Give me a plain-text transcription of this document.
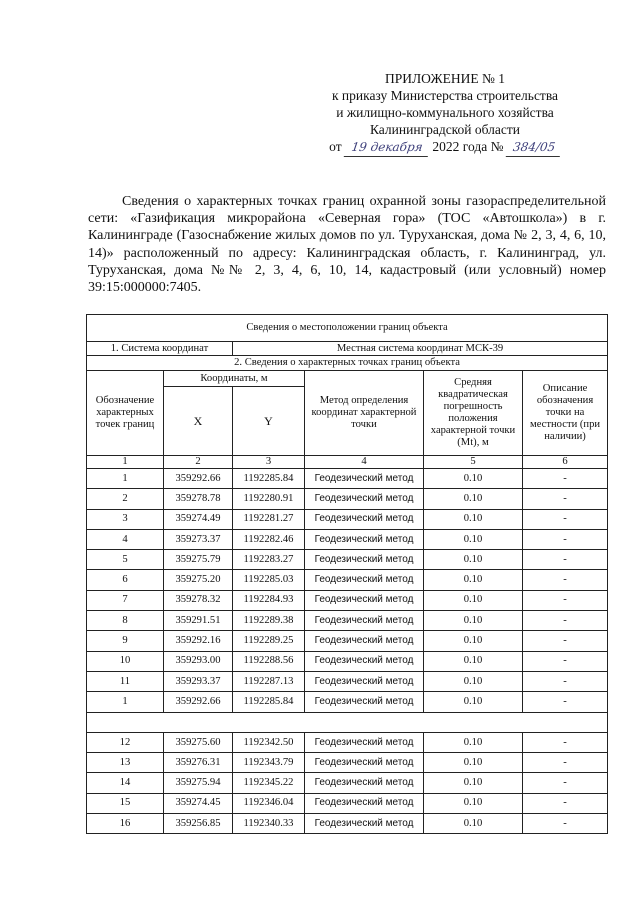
ПРИЛОЖЕНИЕ № 1
к приказу Министерства строительства
и жилищно-коммунального хозяйства
Калининградской области
от 19 декабря 2022 года № 384/05
Сведения о характерных точках границ охранной зоны газораспределительной сети: «Газификация микрорайона «Северная гора» (ТОС «Автошкола») в г. Калининграде (Газоснабжение жилых домов по ул. Туруханская, дома № 2, 3, 4, 6, 10, 14)» расположенный по адресу: Калининградская область, г. Калининград, ул. Туруханская, дома №№ 2, 3, 4, 6, 10, 14, кадастровый (или условный) номер 39:15:000000:7405.
Сведения о местоположении границ объекта					
1. Система координат		Местная система координат МСК-39			
2. Сведения о характерных точках границ объекта					
Обозначение характерных точек границ	Координаты, м		Метод определения координат характерной точки	Средняя квадратическая погрешность положения характерной точки (Mt), м	Описание обозначения точки на местности (при наличии)
	X	Y			
1	2	3	4	5	6
1	359292.66	1192285.84	Геодезический метод	0.10	-
2	359278.78	1192280.91	Геодезический метод	0.10	-
3	359274.49	1192281.27	Геодезический метод	0.10	-
4	359273.37	1192282.46	Геодезический метод	0.10	-
5	359275.79	1192283.27	Геодезический метод	0.10	-
6	359275.20	1192285.03	Геодезический метод	0.10	-
7	359278.32	1192284.93	Геодезический метод	0.10	-
8	359291.51	1192289.38	Геодезический метод	0.10	-
9	359292.16	1192289.25	Геодезический метод	0.10	-
10	359293.00	1192288.56	Геодезический метод	0.10	-
11	359293.37	1192287.13	Геодезический метод	0.10	-
1	359292.66	1192285.84	Геодезический метод	0.10	-

12	359275.60	1192342.50	Геодезический метод	0.10	-
13	359276.31	1192343.79	Геодезический метод	0.10	-
14	359275.94	1192345.22	Геодезический метод	0.10	-
15	359274.45	1192346.04	Геодезический метод	0.10	-
16	359256.85	1192340.33	Геодезический метод	0.10	-
